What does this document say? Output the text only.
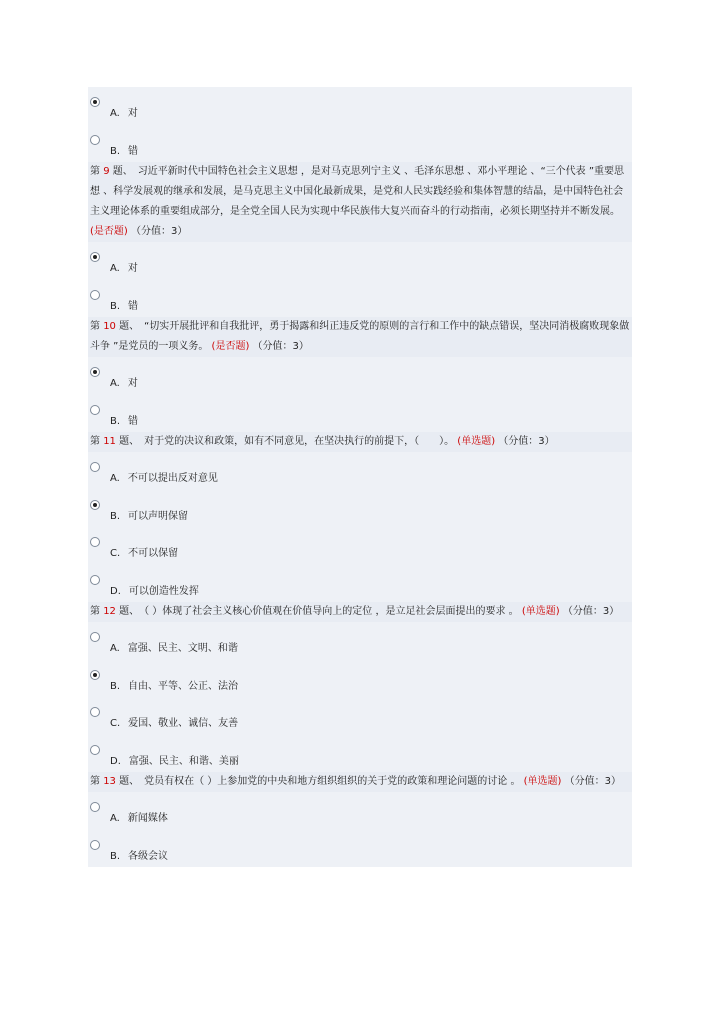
A. 对
B. 错
第 9 题、　习近平新时代中国特色社会主义思想 ，是对马克思列宁主义 、毛泽东思想 、邓小平理论 、“三个代表 ”重要思想 、科学发展观的继承和发展，是马克思主义中国化最新成果，是党和人民实践经验和集体智慧的结晶，是中国特色社会主义理论体系的重要组成部分，是全党全国人民为实现中华民族伟大复兴而奋斗的行动指南，必须长期坚持并不断发展。 (是否题) （分值：3）
A. 对
B. 错
第 10 题、　“切实开展批评和自我批评，勇于揭露和纠正违反党的原则的言行和工作中的缺点错误，坚决同消极腐败现象做斗争 ”是党员的一项义务。 (是否题) （分值：3）
A. 对
B. 错
第 11 题、　对于党的决议和政策，如有不同意见，在坚决执行的前提下，（　　）。 (单选题) （分值：3）
A. 不可以提出反对意见
B. 可以声明保留
C. 不可以保留
D. 可以创造性发挥
第 12 题、　（ ）体现了社会主义核心价值观在价值导向上的定位 ，是立足社会层面提出的要求 。 (单选题) （分值：3）
A. 富强、民主、文明、和谐
B. 自由、平等、公正、法治
C. 爱国、敬业、诚信、友善
D. 富强、民主、和谐、美丽
第 13 题、　党员有权在（ ）上参加党的中央和地方组织组织的关于党的政策和理论问题的讨论 。 (单选题) （分值：3）
A. 新闻媒体
B. 各级会议
